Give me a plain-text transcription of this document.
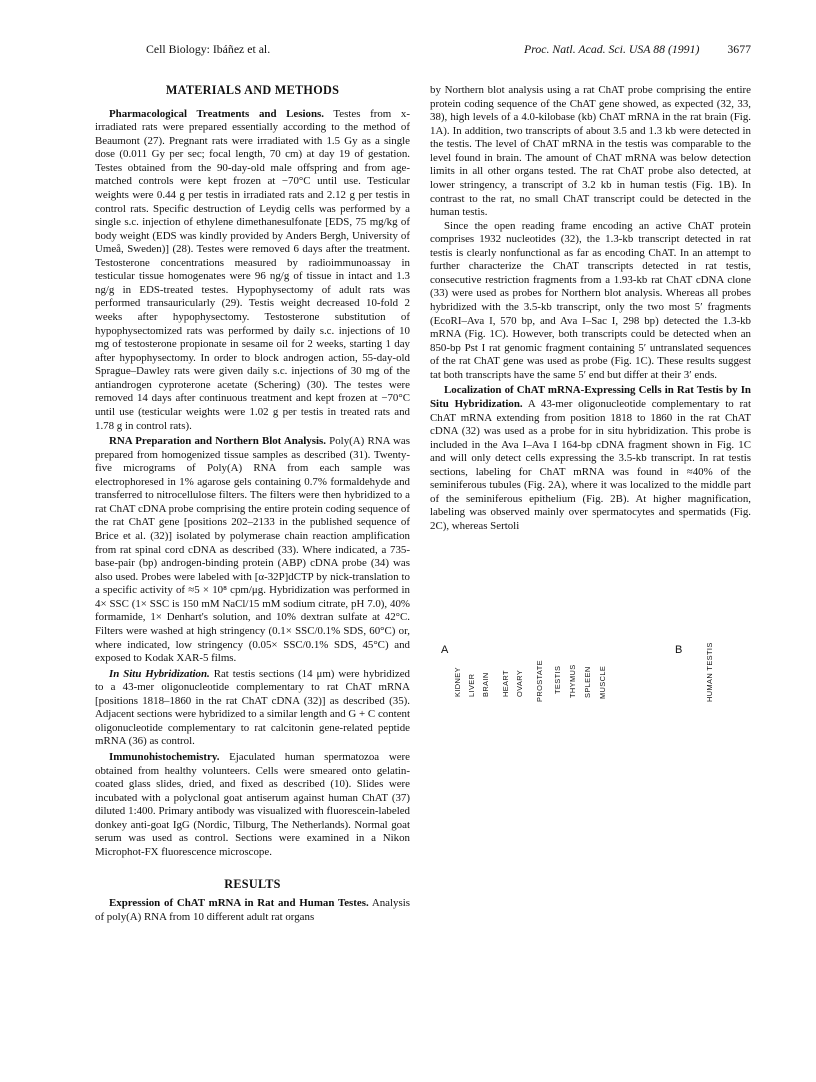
Cell Biology: Ibáñez et al.	Proc. Natl. Acad. Sci. USA 88 (1991) 3677
MATERIALS AND METHODS

Pharmacological Treatments and Lesions. Testes from x-irradiated rats were prepared essentially according to the method of Beaumont (27). Pregnant rats were irradiated with 1.5 Gy as a single dose (0.011 Gy per sec; focal length, 70 cm) at day 19 of gestation. Testes obtained from the 90-day-old male offspring and from age-matched controls were kept frozen at −70°C until use. Testicular weights were 0.44 g per testis in irradiated rats and 2.12 g per testis in control rats. Specific destruction of Leydig cells was performed by a single s.c. injection of ethylene dimethanesulfonate [EDS, 75 mg/kg of body weight (EDS was kindly provided by Anders Bergh, University of Umeå, Sweden)] (28). Testes were removed 6 days after the treatment. Testosterone concentrations measured by radioimmunoassay in testicular tissue homogenates were 96 ng/g of tissue in intact and 1.3 ng/g in EDS-treated testes. Hypophysectomy of adult rats was performed transauricularly (29). Testis weight decreased 10-fold 2 weeks after hypophysectomy. Testosterone substitution of hypophysectomized rats was performed by daily s.c. injections of 10 mg of testosterone propionate in sesame oil for 2 weeks, starting 1 day after hypophysectomy. In order to block androgen action, 55-day-old Sprague–Dawley rats were given daily s.c. injections of 30 mg of the antiandrogen cyproterone acetate (Schering) (30). The testes were removed 14 days after continuous treatment and kept frozen at −70°C until use (testicular weights were 1.02 g per testis in treated rats and 1.78 g in control rats).

RNA Preparation and Northern Blot Analysis. Poly(A) RNA was prepared from homogenized tissue samples as described (31). Twenty-five micrograms of Poly(A) RNA from each sample was electrophoresed in 1% agarose gels containing 0.7% formaldehyde and transferred to nitrocellulose filters. The filters were then hybridized to a rat ChAT cDNA probe comprising the entire protein coding sequence of the rat ChAT gene [positions 202–2133 in the published sequence of Brice et al. (32)] isolated by polymerase chain reaction amplification from rat spinal cord cDNA as described (33). Where indicated, a 735-base-pair (bp) androgen-binding protein (ABP) cDNA probe (34) was also used. Probes were labeled with [α-32P]dCTP by nick-translation to a specific activity of ≈5 × 10⁸ cpm/μg. Hybridization was performed in 4× SSC (1× SSC is 150 mM NaCl/15 mM sodium citrate, pH 7.0), 40% formamide, 1× Denhart's solution, and 10% dextran sulfate at 42°C. Filters were washed at high stringency (0.1× SSC/0.1% SDS, 60°C) or, where indicated, low stringency (0.05× SSC/0.1% SDS, 45°C) and exposed to Kodak XAR-5 films.

In Situ Hybridization. Rat testis sections (14 μm) were hybridized to a 43-mer oligonucleotide complementary to rat ChAT mRNA [positions 1818–1860 in the rat ChAT cDNA (32)] as described (35). Adjacent sections were hybridized to a similar length and G + C content oligonucleotide complementary to rat calcitonin gene-related peptide mRNA (36) as control.

Immunohistochemistry. Ejaculated human spermatozoa were obtained from healthy volunteers. Cells were smeared onto gelatin-coated glass slides, dried, and fixed as described (10). Slides were incubated with a polyclonal goat antiserum against human ChAT (37) diluted 1:400. Primary antibody was visualized with fluorescein-labeled donkey anti-goat IgG (Nordic, Tilburg, The Netherlands). Normal goat serum was used as control. Sections were examined in a Nikon Microphot-FX fluorescence microscope.

RESULTS

Expression of ChAT mRNA in Rat and Human Testes. Analysis of poly(A) RNA from 10 different adult rat organs

by Northern blot analysis using a rat ChAT probe comprising the entire protein coding sequence of the ChAT gene showed, as expected (32, 33, 38), high levels of a 4.0-kilobase (kb) ChAT mRNA in the rat brain (Fig. 1A). In addition, two transcripts of about 3.5 and 1.3 kb were detected in the testis. The level of ChAT mRNA in the testis was comparable to the level found in brain. The amount of ChAT mRNA was below detection limits in all other organs tested. The rat ChAT probe also detected, at lower stringency, a transcript of 3.2 kb in human testis (Fig. 1B). In contrast to the rat, no small ChAT transcript could be detected in the human testis.

Since the open reading frame encoding an active ChAT protein comprises 1932 nucleotides (32), the 1.3-kb transcript detected in rat testis is clearly nonfunctional as far as encoding ChAT. In an attempt to further characterize the ChAT transcripts detected in rat testis, consecutive restriction fragments from a 1.93-kb rat ChAT cDNA clone (33) were used as probes for Northern blot analysis. Whereas all probes hybridized with the 3.5-kb transcript, only the two most 5′ fragments (EcoRI–Ava I, 570 bp, and Ava I–Sac I, 298 bp) detected the 1.3-kb mRNA (Fig. 1C). However, both transcripts could be detected when an 850-bp Pst I rat genomic fragment containing 5′ untranslated sequences of the rat ChAT gene was used as probe (Fig. 1C). These results suggest tat both transcripts have the same 5′ end but differ at their 3′ ends.

Localization of ChAT mRNA-Expressing Cells in Rat Testis by In Situ Hybridization. A 43-mer oligonucleotide complementary to rat ChAT mRNA extending from position 1818 to 1860 in the rat ChAT cDNA (32) was used as a probe for in situ hybridization. This probe is included in the Ava I–Ava I 164-bp cDNA fragment shown in Fig. 1C and will only detect cells expressing the 3.5-kb transcript. In rat testis sections, labeling for ChAT mRNA was found in ≈40% of the seminiferous tubules (Fig. 2A), where it was localized to the middle part of the seminiferous epithelium (Fig. 2B). At higher magnification, labeling was observed mainly over spermatocytes and spermatids (Fig. 2C), whereas Sertoli

A	B
KIDNEY LIVER BRAIN HEART OVARY PROSTATE TESTIS THYMUS SPLEEN MUSCLE	HUMAN TESTIS
